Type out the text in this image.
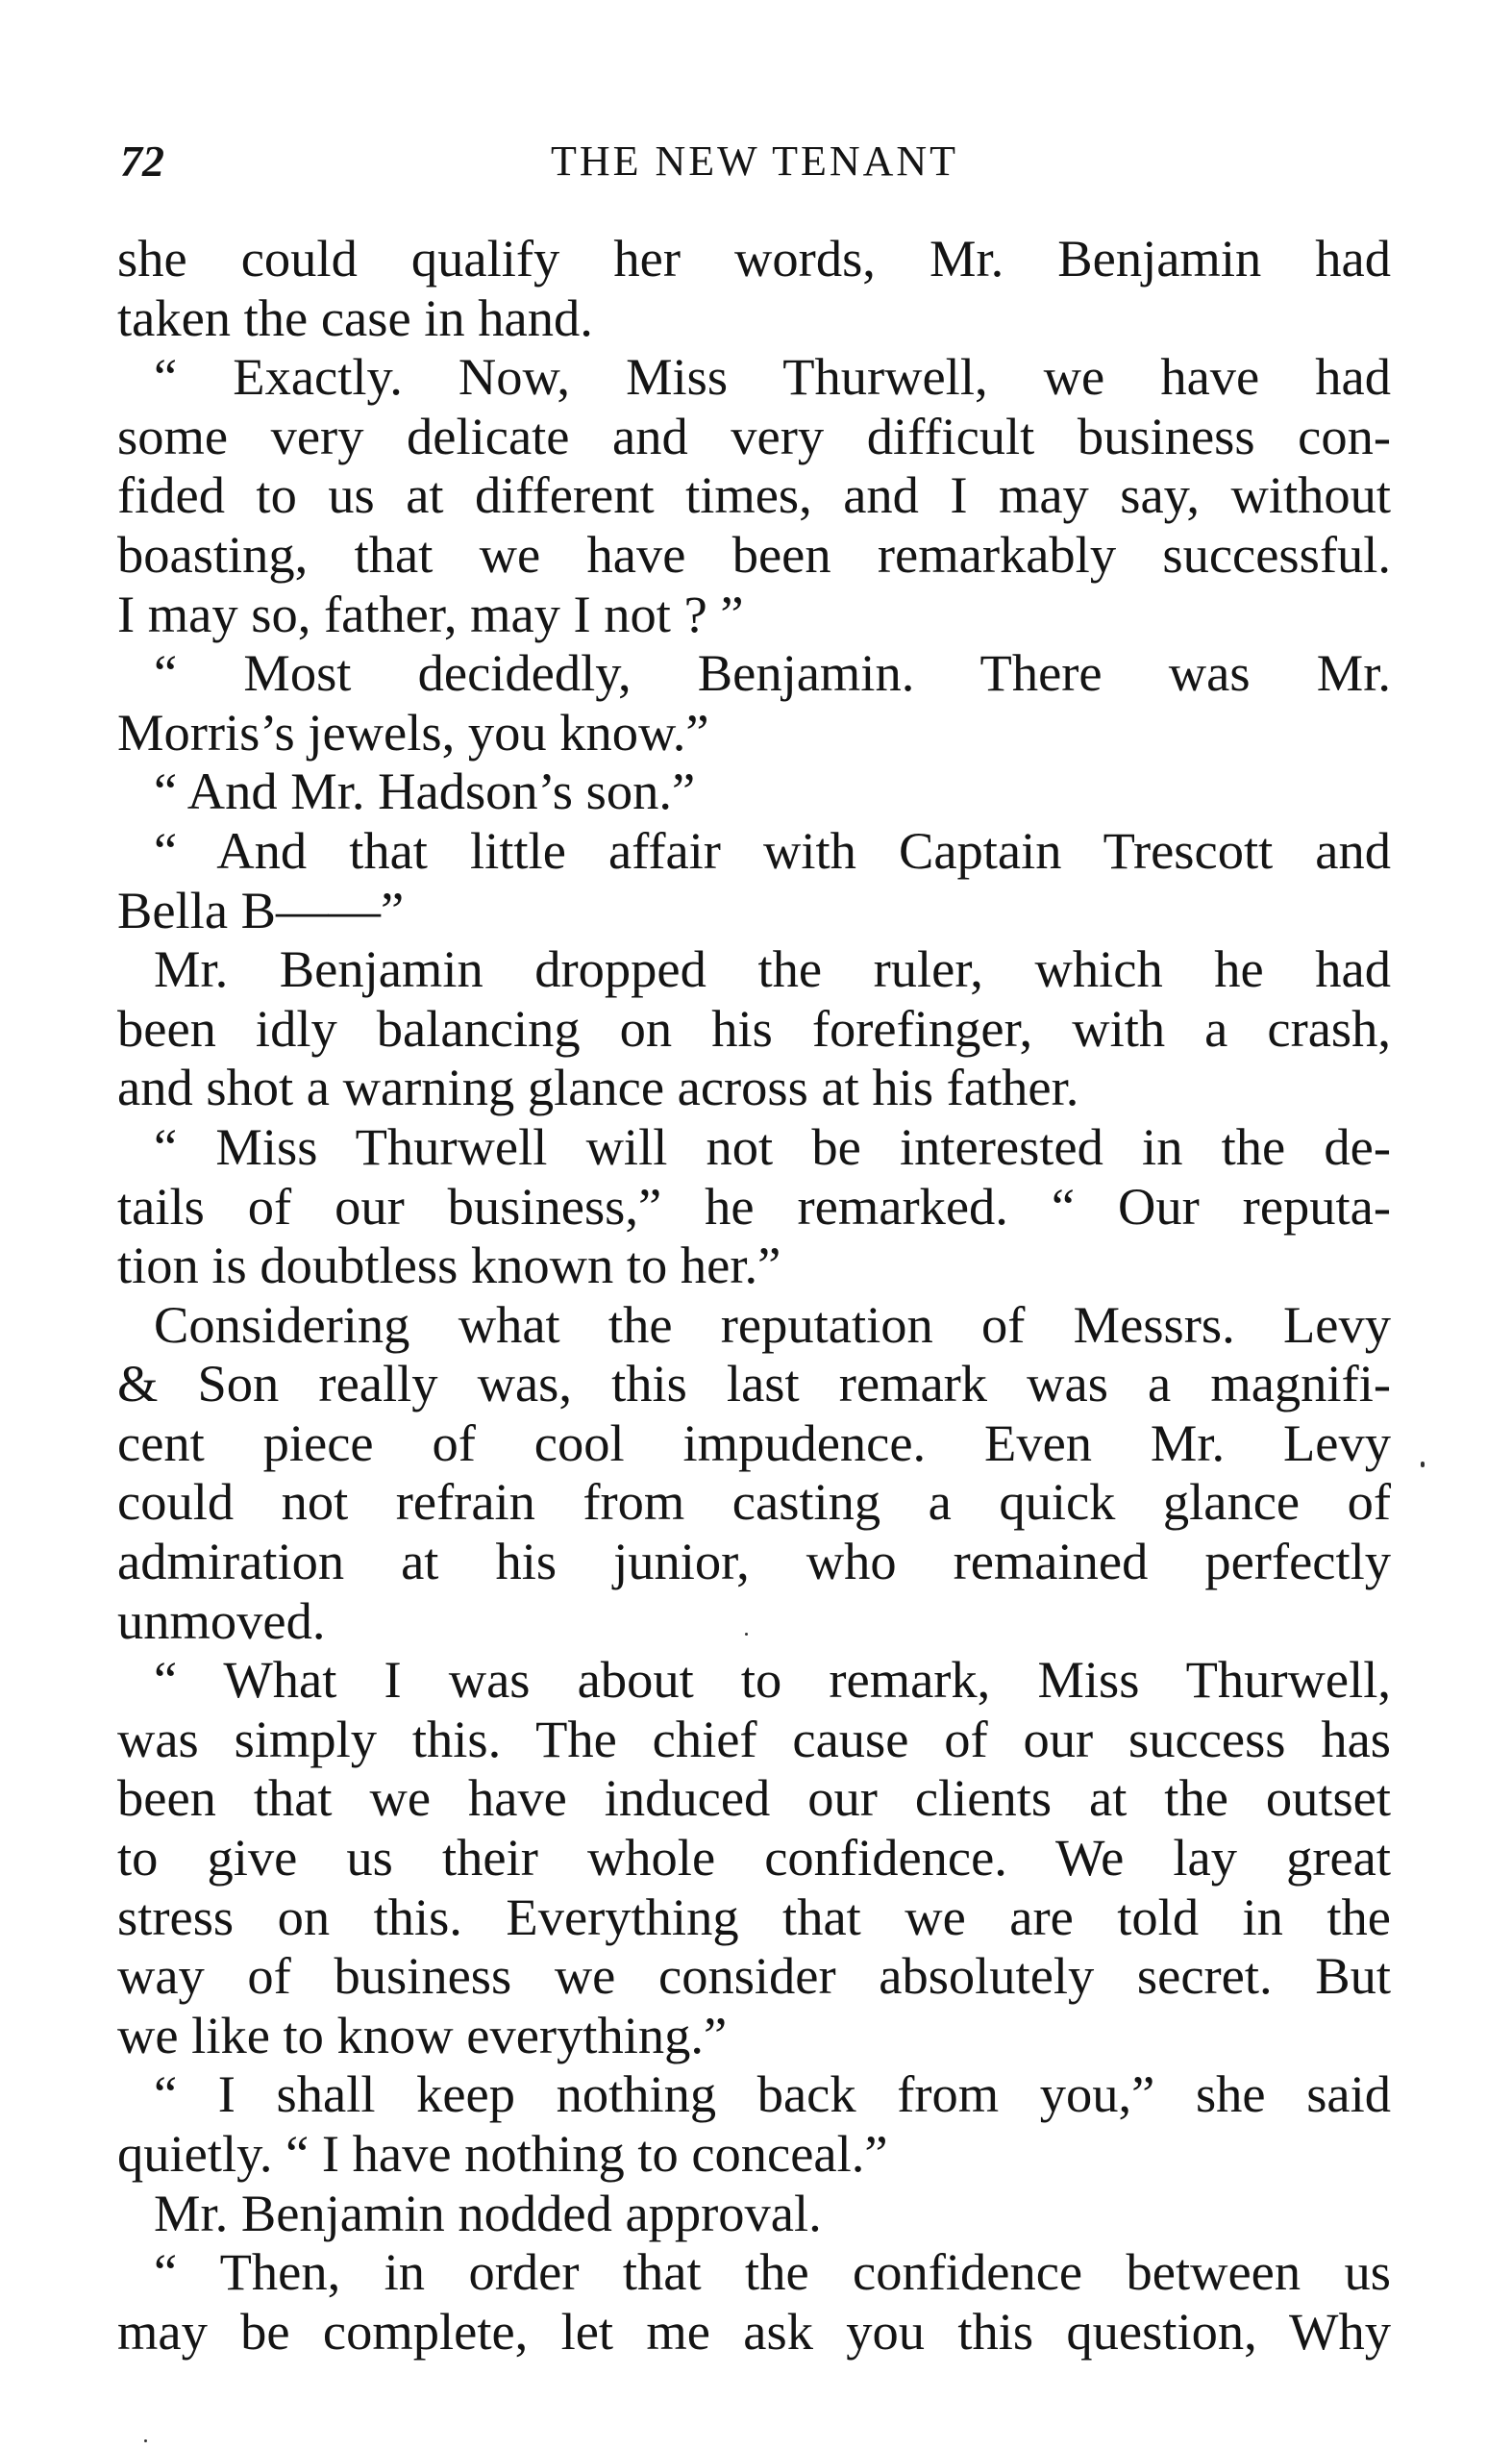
72	THE NEW TENANT
she could qualify her words, Mr. Benjamin had
taken the case in hand.
“ Exactly. Now, Miss Thurwell, we have had
some very delicate and very difficult business con-
fided to us at different times, and I may say, without
boasting, that we have been remarkably successful.
I may so, father, may I not ? ”
“ Most decidedly, Benjamin. There was Mr.
Morris’s jewels, you know.”
“ And Mr. Hadson’s son.”
“ And that little affair with Captain Trescott and
Bella B——”
Mr. Benjamin dropped the ruler, which he had
been idly balancing on his forefinger, with a crash,
and shot a warning glance across at his father.
“ Miss Thurwell will not be interested in the de-
tails of our business,” he remarked. “ Our reputa-
tion is doubtless known to her.”
Considering what the reputation of Messrs. Levy
& Son really was, this last remark was a magnifi-
cent piece of cool impudence. Even Mr. Levy
could not refrain from casting a quick glance of
admiration at his junior, who remained perfectly
unmoved.
“ What I was about to remark, Miss Thurwell,
was simply this. The chief cause of our success has
been that we have induced our clients at the outset
to give us their whole confidence. We lay great
stress on this. Everything that we are told in the
way of business we consider absolutely secret. But
we like to know everything.”
“ I shall keep nothing back from you,” she said
quietly. “ I have nothing to conceal.”
Mr. Benjamin nodded approval.
“ Then, in order that the confidence between us
may be complete, let me ask you this question, Why
